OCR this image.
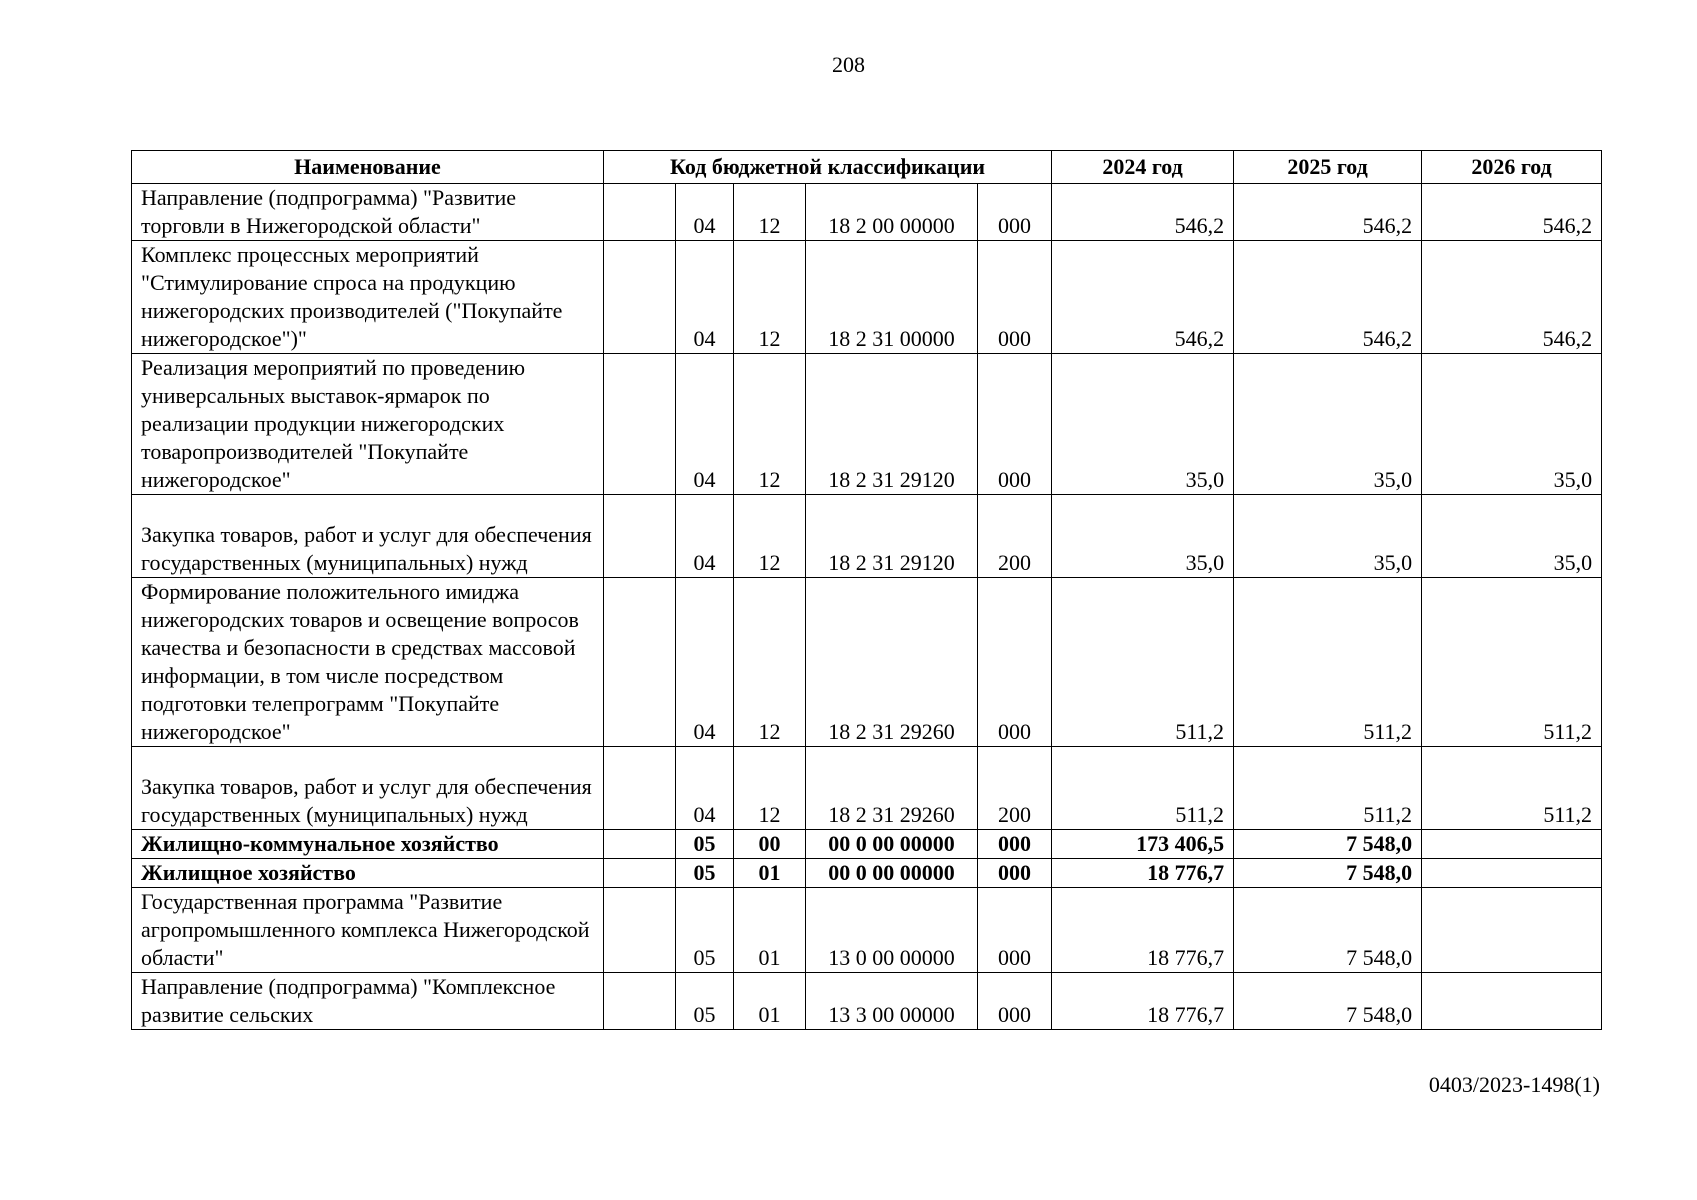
208
Наименование	Код бюджетной классификации					2024 год	2025 год	2026 год
Направление (подпрограмма) "Развитие торговли в Нижегородской области"		04	12	18 2 00 00000	000	546,2	546,2	546,2
Комплекс процессных мероприятий "Стимулирование спроса на продукцию нижегородских производителей ("Покупайте нижегородское")"		04	12	18 2 31 00000	000	546,2	546,2	546,2
Реализация мероприятий по проведению универсальных выставок-ярмарок по реализации продукции нижегородских товаропроизводителей "Покупайте нижегородское"		04	12	18 2 31 29120	000	35,0	35,0	35,0
Закупка товаров, работ и услуг для обеспечения государственных (муниципальных) нужд		04	12	18 2 31 29120	200	35,0	35,0	35,0
Формирование положительного имиджа нижегородских товаров и освещение вопросов качества и безопасности в средствах массовой информации, в том числе посредством подготовки телепрограмм "Покупайте нижегородское"		04	12	18 2 31 29260	000	511,2	511,2	511,2
Закупка товаров, работ и услуг для обеспечения государственных (муниципальных) нужд		04	12	18 2 31 29260	200	511,2	511,2	511,2
Жилищно-коммунальное хозяйство		05	00	00 0 00 00000	000	173 406,5	7 548,0	
Жилищное хозяйство		05	01	00 0 00 00000	000	18 776,7	7 548,0	
Государственная программа "Развитие агропромышленного комплекса Нижегородской области"		05	01	13 0 00 00000	000	18 776,7	7 548,0	
Направление (подпрограмма) "Комплексное развитие сельских		05	01	13 3 00 00000	000	18 776,7	7 548,0	
0403/2023-1498(1)
